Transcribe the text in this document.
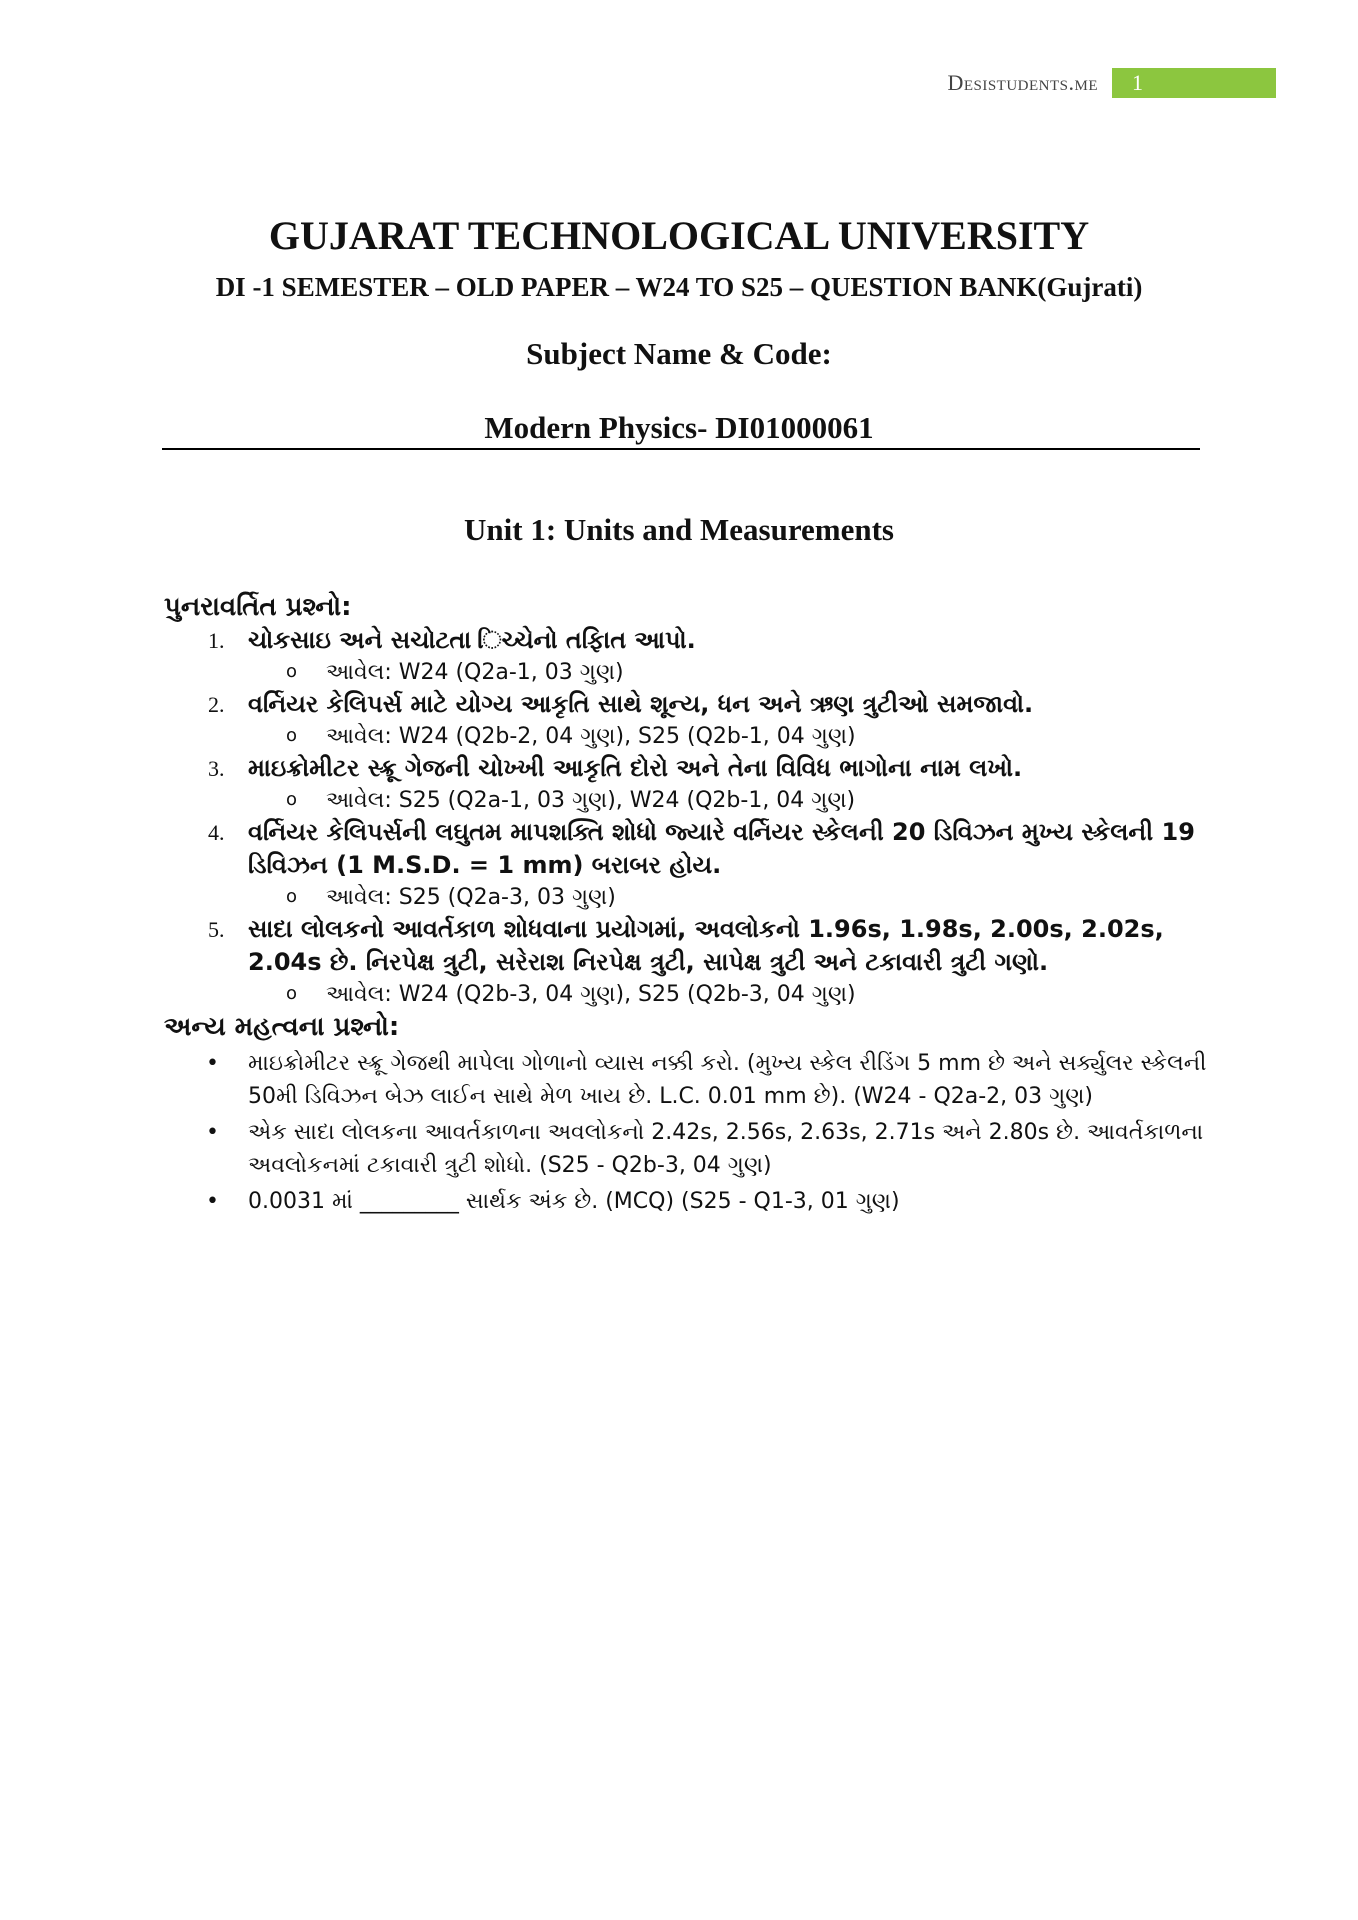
Desistudents.me	1
GUJARAT TECHNOLOGICAL UNIVERSITY
DI -1 SEMESTER – OLD PAPER – W24 TO S25 – QUESTION BANK(Gujrati)
Subject Name & Code:
Modern Physics- DI01000061
Unit 1: Units and Measurements

પુનરાવર્તિત પ્રશ્નો:

1. ચોકસાઇ અને સચોટતા િચ્ચેનો તફાિત આપો.
o આવેલ: W24 (Q2a-1, 03 ગુણ)
2. વર્નિયર કેલિપર્સ માટે યોગ્ય આકૃતિ સાથે શૂન્ય, ધન અને ઋણ ત્રુટીઓ સમજાવો.
o આવેલ: W24 (Q2b-2, 04 ગુણ), S25 (Q2b-1, 04 ગુણ)
3. માઇક્રોમીટર સ્ક્રૂ ગેજની ચોખ્ખી આકૃતિ દોરો અને તેના વિવિધ ભાગોના નામ લખો.
o આવેલ: S25 (Q2a-1, 03 ગુણ), W24 (Q2b-1, 04 ગુણ)
4. વર્નિયર કેલિપર્સની લઘુતમ માપશક્તિ શોધો જ્યારે વર્નિયર સ્કેલની 20 ડિવિઝન મુખ્ય સ્કેલની 19 ડિવિઝન (1 M.S.D. = 1 mm) બરાબર હોય.
o આવેલ: S25 (Q2a-3, 03 ગુણ)
5. સાદા લોલકનો આવર્તકાળ શોધવાના પ્રયોગમાં, અવલોકનો 1.96s, 1.98s, 2.00s, 2.02s, 2.04s છે. નિરપેક્ષ ત્રુટી, સરેરાશ નિરપેક્ષ ત્રુટી, સાપેક્ષ ત્રુટી અને ટકાવારી ત્રુટી ગણો.
o આવેલ: W24 (Q2b-3, 04 ગુણ), S25 (Q2b-3, 04 ગુણ)

અન્ય મહત્વના પ્રશ્નો:

• માઇક્રોમીટર સ્ક્રૂ ગેજથી માપેલા ગોળાનો વ્યાસ નક્કી કરો. (મુખ્ય સ્કેલ રીડિંગ 5 mm છે અને સર્ક્યુલર સ્કેલની 50મી ડિવિઝન બેઝ લાઈન સાથે મેળ ખાય છે. L.C. 0.01 mm છે). (W24 - Q2a-2, 03 ગુણ)
• એક સાદા લોલકના આવર્તકાળના અવલોકનો 2.42s, 2.56s, 2.63s, 2.71s અને 2.80s છે. આવર્તકાળના અવલોકનમાં ટકાવારી ત્રુટી શોધો. (S25 - Q2b-3, 04 ગુણ)
• 0.0031 માં _________ સાર્થક અંક છે. (MCQ) (S25 - Q1-3, 01 ગુણ)
